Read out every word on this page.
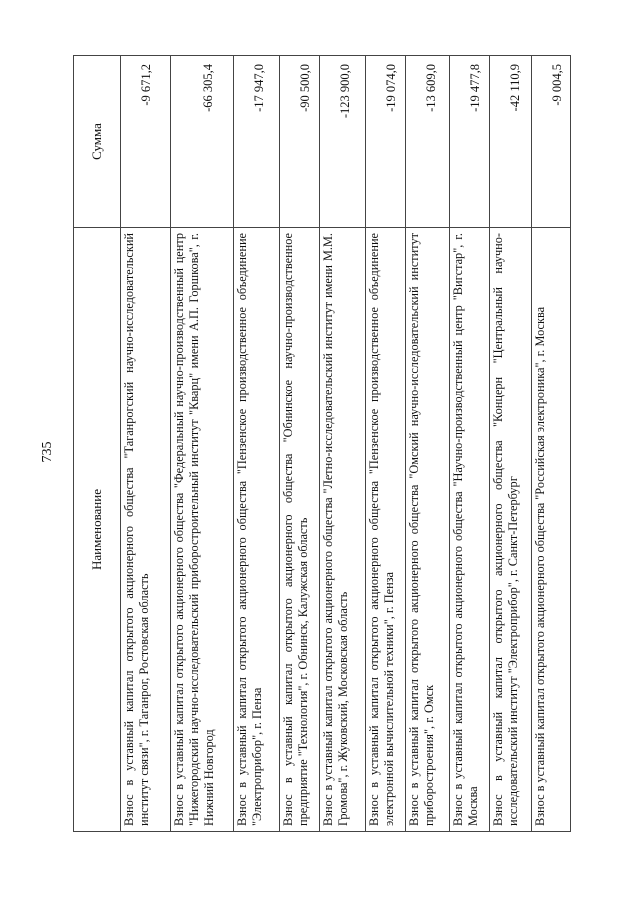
735
Наименование	Сумма
Взнос в уставный капитал открытого акционерного общества "Таганрогский научно-исследовательский институт связи", г. Таганрог, Ростовская область	-9 671,2
Взнос в уставный капитал открытого акционерного общества "Федеральный научно-производственный центр "Нижегородский научно-исследовательский приборостроительный институт "Кварц" имени А.П. Горшкова", г. Нижний Новгород	-66 305,4
Взнос в уставный капитал открытого акционерного общества "Пензенское производственное объединение "Электроприбор", г. Пенза	-17 947,0
Взнос в уставный капитал открытого акционерного общества "Обнинское научно-производственное предприятие "Технология", г. Обнинск, Калужская область	-90 500,0
Взнос в уставный капитал открытого акционерного общества "Летно-исследовательский институт имени М.М. Громова", г. Жуковский, Московская область	-123 900,0
Взнос в уставный капитал открытого акционерного общества "Пензенское производственное объединение электронной вычислительной техники", г. Пенза	-19 074,0
Взнос в уставный капитал открытого акционерного общества "Омский научно-исследовательский институт приборостроения", г. Омск	-13 609,0
Взнос в уставный капитал открытого акционерного общества "Научно-производственный центр "Вигстар", г. Москва	-19 477,8
Взнос в уставный капитал открытого акционерного общества "Концерн "Центральный научно-исследовательский институт "Электроприбор", г. Санкт-Петербург	-42 110,9
Взнос в уставный капитал открытого акционерного общества "Российская электроника", г. Москва	-9 004,5
